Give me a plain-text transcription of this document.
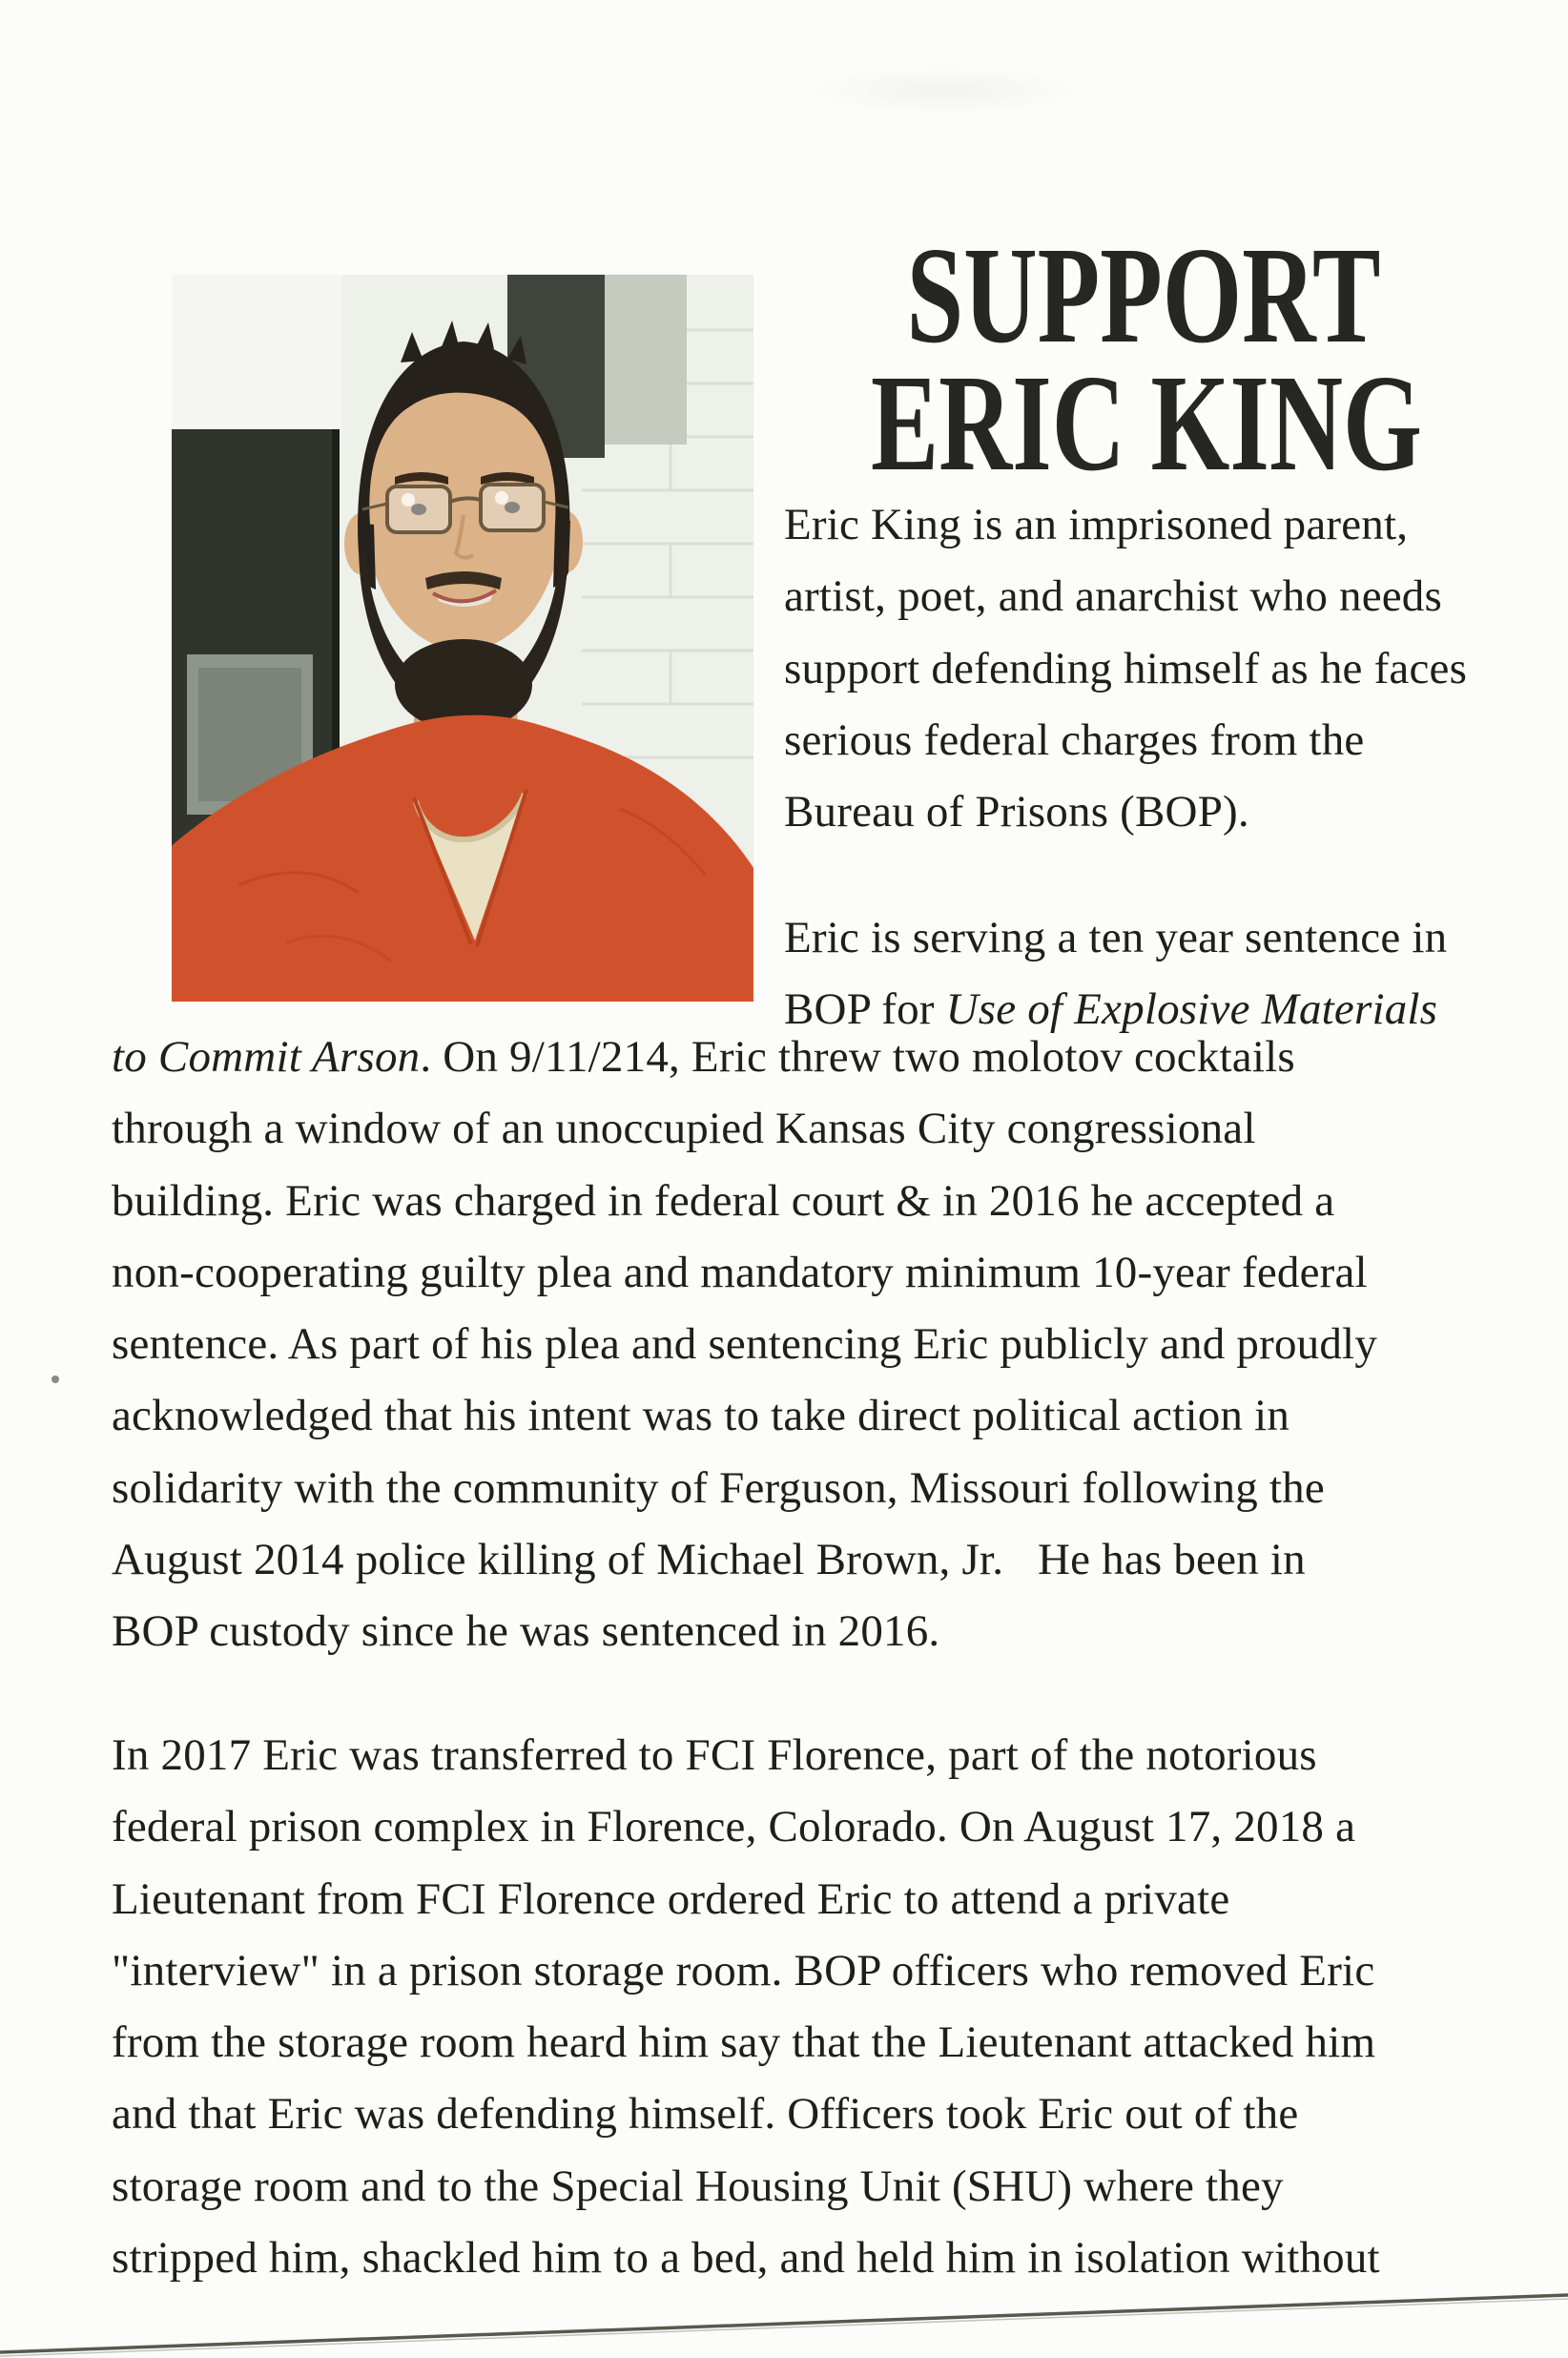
SUPPORT
ERIC KING
Eric King is an imprisoned parent,
artist, poet, and anarchist who needs
support defending himself as he faces
serious federal charges from the
Bureau of Prisons (BOP).
Eric is serving a ten year sentence in
BOP for Use of Explosive Materials
to Commit Arson. On 9/11/214, Eric threw two molotov cocktails
through a window of an unoccupied Kansas City congressional
building. Eric was charged in federal court & in 2016 he accepted a
non-cooperating guilty plea and mandatory minimum 10-year federal
sentence. As part of his plea and sentencing Eric publicly and proudly
acknowledged that his intent was to take direct political action in
solidarity with the community of Ferguson, Missouri following the
August 2014 police killing of Michael Brown, Jr.   He has been in
BOP custody since he was sentenced in 2016.
In 2017 Eric was transferred to FCI Florence, part of the notorious
federal prison complex in Florence, Colorado. On August 17, 2018 a
Lieutenant from FCI Florence ordered Eric to attend a private
"interview" in a prison storage room. BOP officers who removed Eric
from the storage room heard him say that the Lieutenant attacked him
and that Eric was defending himself. Officers took Eric out of the
storage room and to the Special Housing Unit (SHU) where they
stripped him, shackled him to a bed, and held him in isolation without
